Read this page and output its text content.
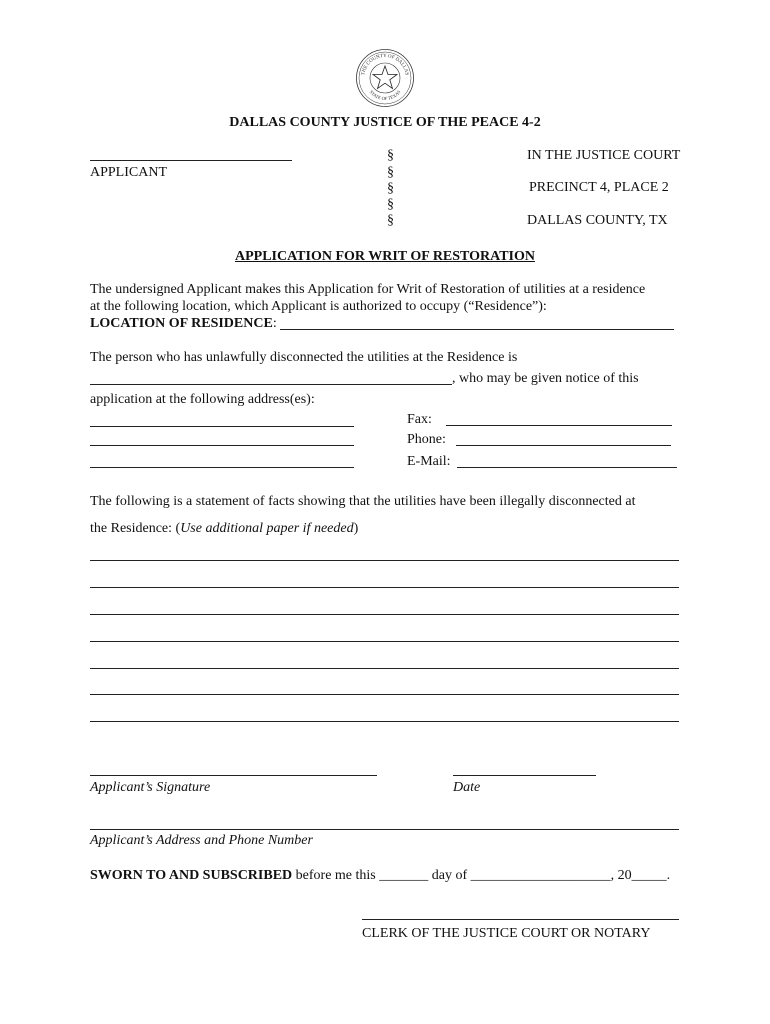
THE COUNTY OF DALLAS
STATE OF TEXAS
DALLAS COUNTY JUSTICE OF THE PEACE 4-2
APPLICANT
§
§
§
§
§
IN THE JUSTICE COURT
PRECINCT 4, PLACE 2
DALLAS COUNTY, TX
APPLICATION FOR WRIT OF RESTORATION
The undersigned Applicant makes this Application for Writ of Restoration of utilities at a residence
at the following location, which Applicant is authorized to occupy (“Residence”):
LOCATION OF RESIDENCE:
The person who has unlawfully disconnected the utilities at the Residence is
, who may be given notice of this
application at the following address(es):
Fax:
Phone:
E-Mail:
The following is a statement of facts showing that the utilities have been illegally disconnected at
the Residence: (Use additional paper if needed)
Applicant’s Signature	Date
Applicant’s Address and Phone Number
SWORN TO AND SUBSCRIBED before me this _______ day of ____________________, 20_____.
CLERK OF THE JUSTICE COURT OR NOTARY
